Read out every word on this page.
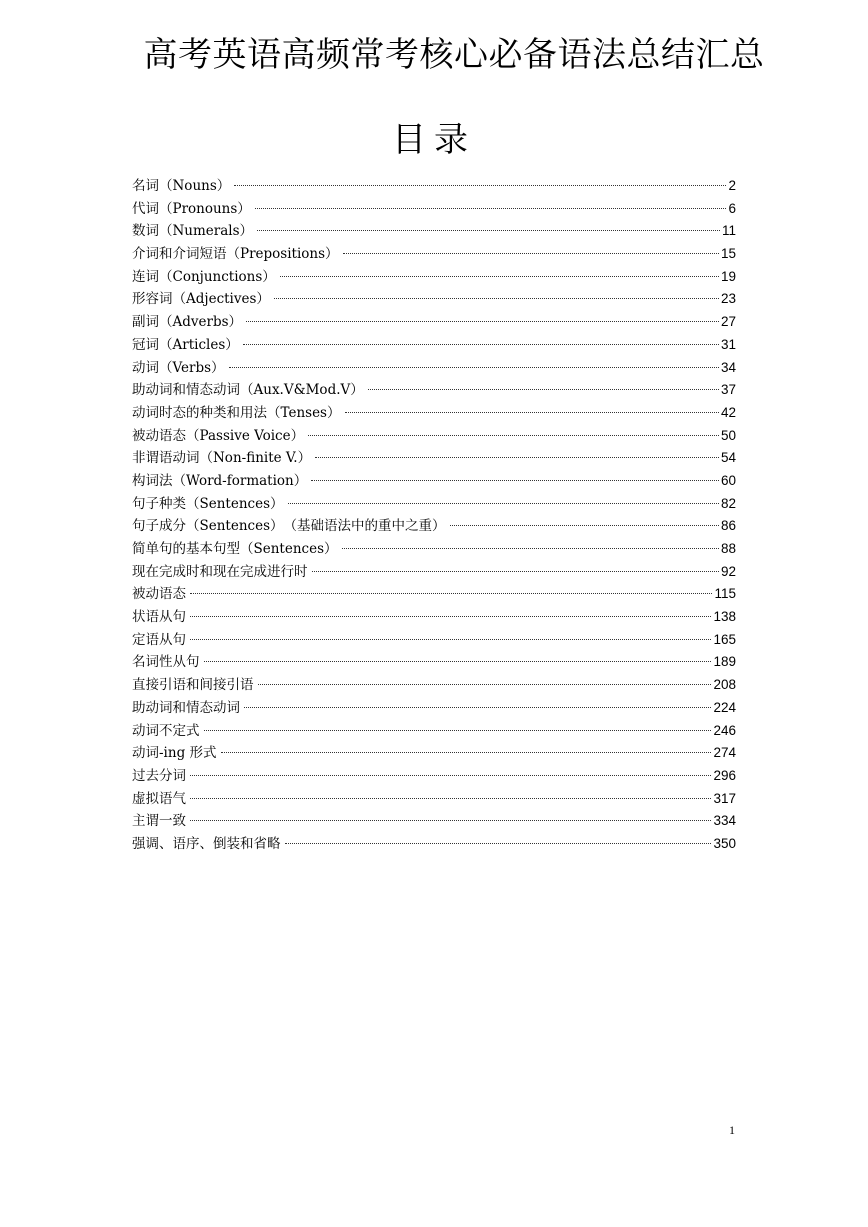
高考英语高频常考核心必备语法总结汇总
目录
名词（Nouns）	2
代词（Pronouns）	6
数词（Numerals）	11
介词和介词短语（Prepositions）	15
连词（Conjunctions）	19
形容词（Adjectives）	23
副词（Adverbs）	27
冠词（Articles）	31
动词（Verbs）	34
助动词和情态动词（Aux.V&Mod.V）	37
动词时态的种类和用法（Tenses）	42
被动语态（Passive Voice）	50
非谓语动词（Non-finite V.）	54
构词法（Word-formation）	60
句子种类（Sentences）	82
句子成分（Sentences）　（基础语法中的重中之重）	86
简单句的基本句型（Sentences）	88
现在完成时和现在完成进行时	92
被动语态	115
状语从句	138
定语从句	165
名词性从句	189
直接引语和间接引语	208
助动词和情态动词	224
动词不定式	246
动词-ing 形式	274
过去分词	296
虚拟语气	317
主谓一致	334
强调、语序、倒装和省略	350
1
